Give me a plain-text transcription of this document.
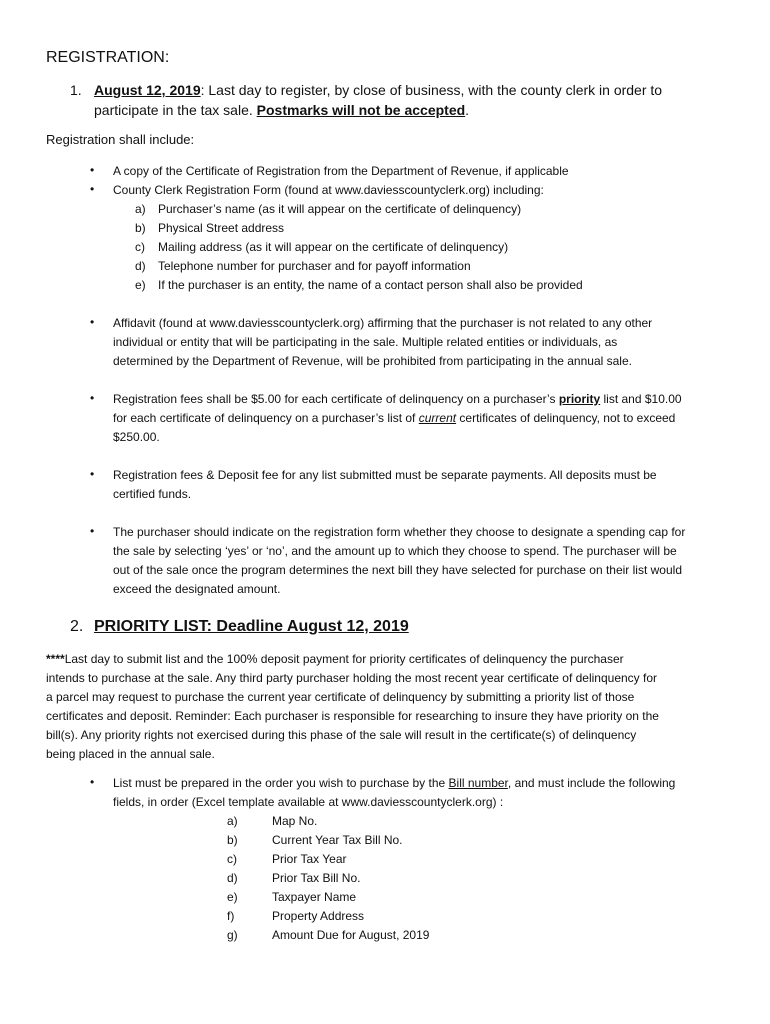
REGISTRATION:
1. August 12, 2019: Last day to register, by close of business, with the county clerk in order to
participate in the tax sale. Postmarks will not be accepted.
Registration shall include:
• A copy of the Certificate of Registration from the Department of Revenue, if applicable
• County Clerk Registration Form (found at www.daviesscountyclerk.org) including:
a) Purchaser’s name (as it will appear on the certificate of delinquency)
b) Physical Street address
c) Mailing address (as it will appear on the certificate of delinquency)
d) Telephone number for purchaser and for payoff information
e) If the purchaser is an entity, the name of a contact person shall also be provided
• Affidavit (found at www.daviesscountyclerk.org) affirming that the purchaser is not related to any other
individual or entity that will be participating in the sale. Multiple related entities or individuals, as
determined by the Department of Revenue, will be prohibited from participating in the annual sale.
• Registration fees shall be $5.00 for each certificate of delinquency on a purchaser’s priority list and $10.00
for each certificate of delinquency on a purchaser’s list of current certificates of delinquency, not to exceed
$250.00.
• Registration fees & Deposit fee for any list submitted must be separate payments. All deposits must be
certified funds.
• The purchaser should indicate on the registration form whether they choose to designate a spending cap for
the sale by selecting ‘yes’ or ‘no’, and the amount up to which they choose to spend. The purchaser will be
out of the sale once the program determines the next bill they have selected for purchase on their list would
exceed the designated amount.
2. PRIORITY LIST: Deadline August 12, 2019
****Last day to submit list and the 100% deposit payment for priority certificates of delinquency the purchaser
intends to purchase at the sale. Any third party purchaser holding the most recent year certificate of delinquency for
a parcel may request to purchase the current year certificate of delinquency by submitting a priority list of those
certificates and deposit. Reminder: Each purchaser is responsible for researching to insure they have priority on the
bill(s). Any priority rights not exercised during this phase of the sale will result in the certificate(s) of delinquency
being placed in the annual sale.
• List must be prepared in the order you wish to purchase by the Bill number, and must include the following
fields, in order (Excel template available at www.daviesscountyclerk.org) :
a)	Map No.
b)	Current Year Tax Bill No.
c)	Prior Tax Year
d)	Prior Tax Bill No.
e)	Taxpayer Name
f)	Property Address
g)	Amount Due for August, 2019
